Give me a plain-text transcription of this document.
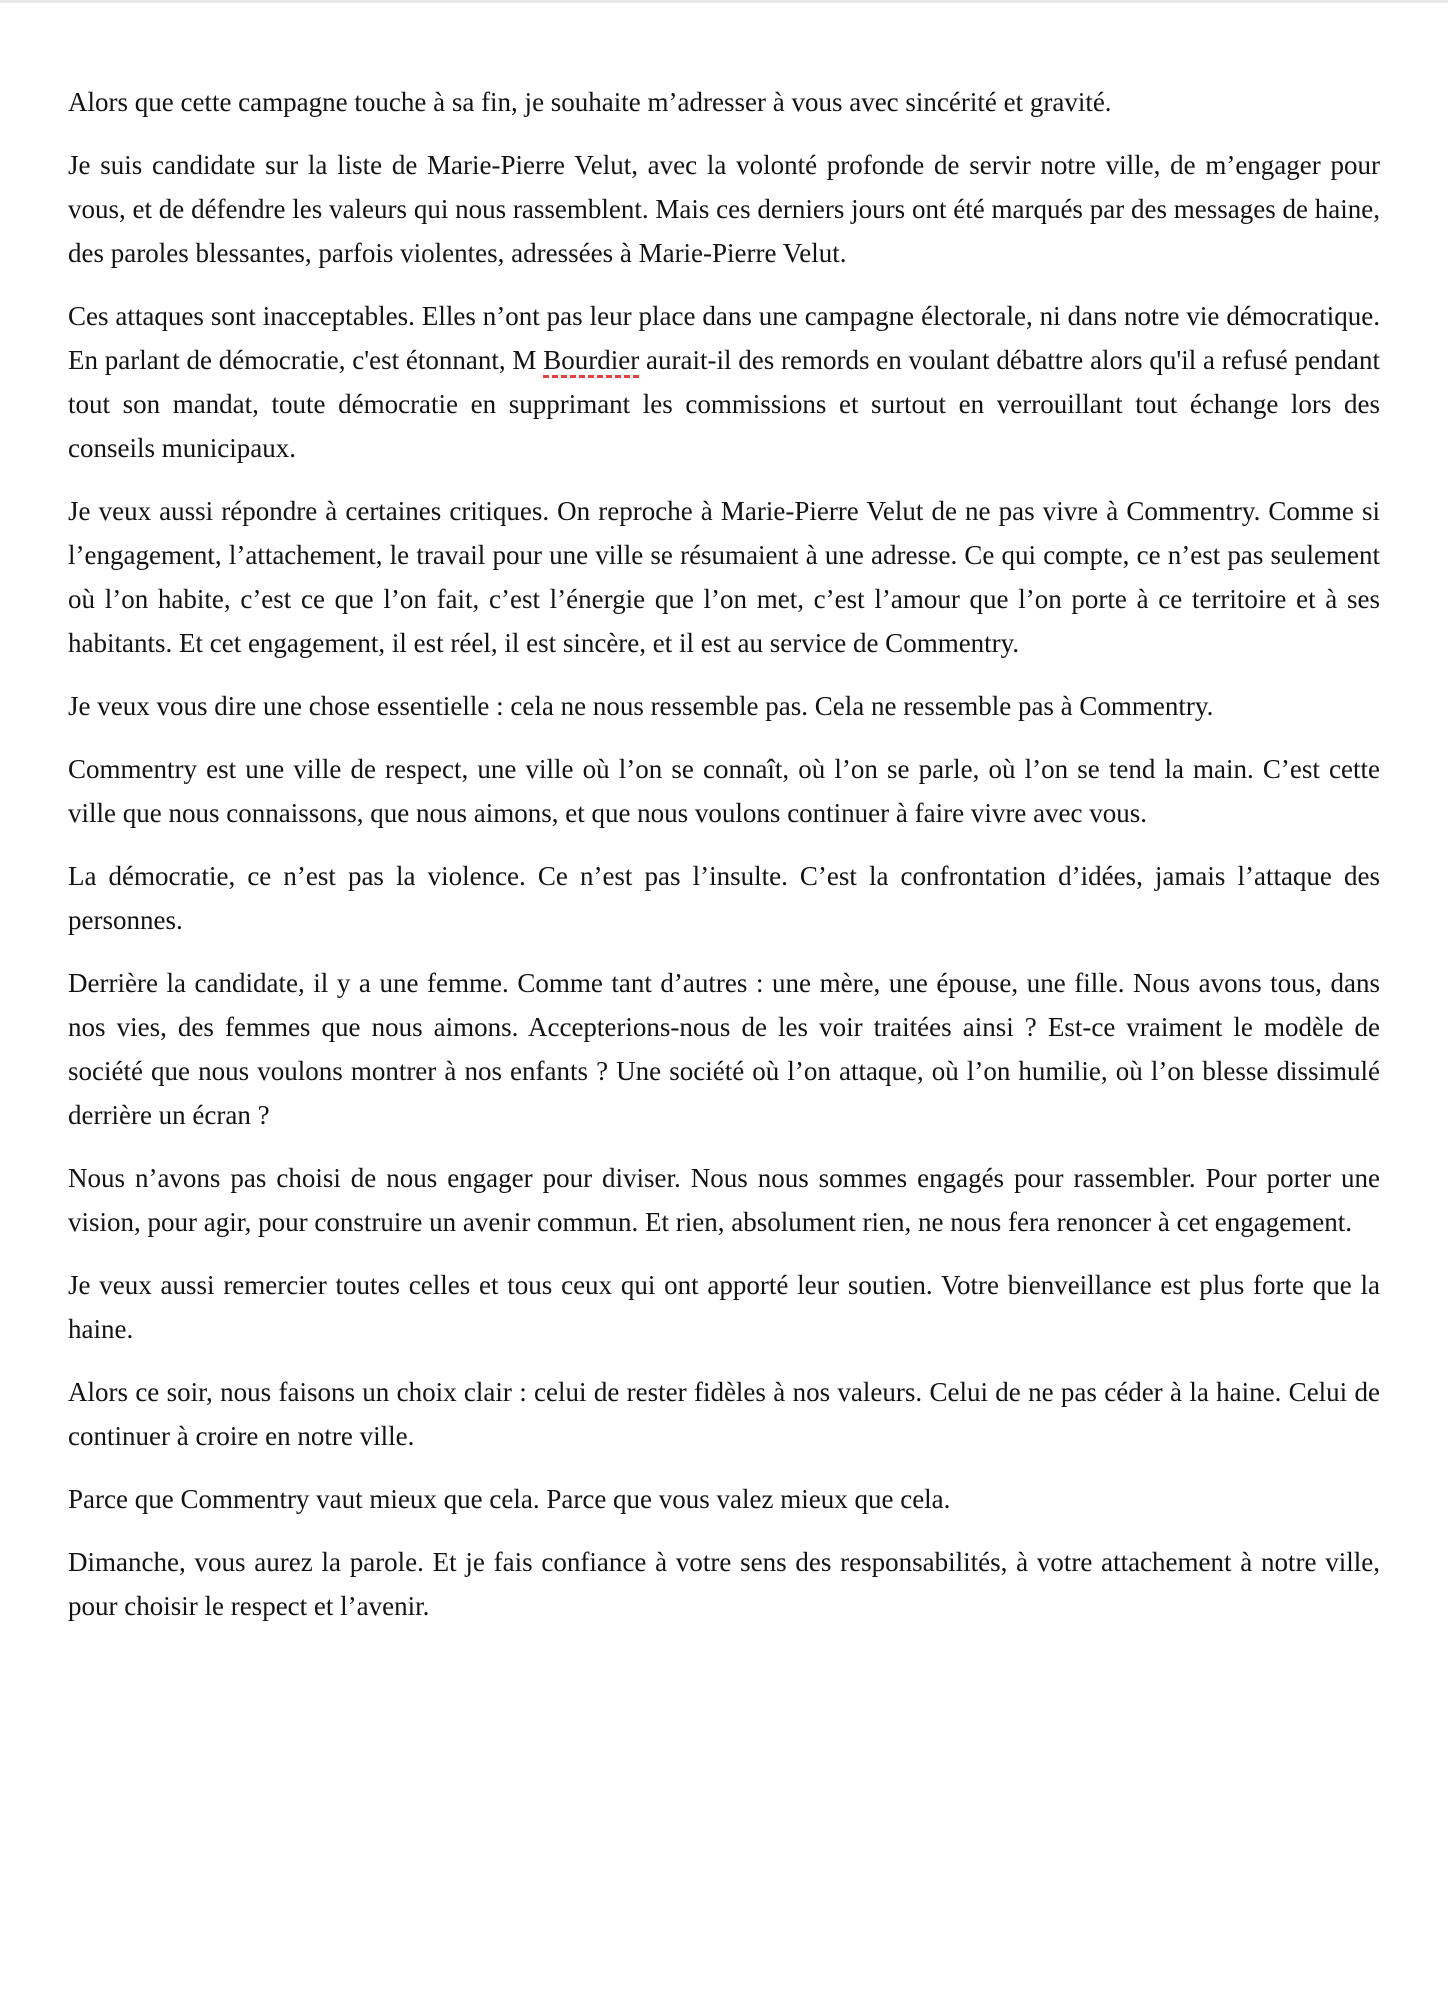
Alors que cette campagne touche à sa fin, je souhaite m’adresser à vous avec sincérité et gravité.

Je suis candidate sur la liste de Marie-Pierre Velut, avec la volonté profonde de servir notre ville, de m’engager pour vous, et de défendre les valeurs qui nous rassemblent. Mais ces derniers jours ont été marqués par des messages de haine, des paroles blessantes, parfois violentes, adressées à Marie-Pierre Velut.

Ces attaques sont inacceptables. Elles n’ont pas leur place dans une campagne électorale, ni dans notre vie démocratique. En parlant de démocratie, c'est étonnant, M Bourdier aurait-il des remords en voulant débattre alors qu'il a refusé pendant tout son mandat, toute démocratie en supprimant les commissions et surtout en verrouillant tout échange lors des conseils municipaux.

Je veux aussi répondre à certaines critiques. On reproche à Marie-Pierre Velut de ne pas vivre à Commentry. Comme si l’engagement, l’attachement, le travail pour une ville se résumaient à une adresse. Ce qui compte, ce n’est pas seulement où l’on habite, c’est ce que l’on fait, c’est l’énergie que l’on met, c’est l’amour que l’on porte à ce territoire et à ses habitants. Et cet engagement, il est réel, il est sincère, et il est au service de Commentry.

Je veux vous dire une chose essentielle : cela ne nous ressemble pas. Cela ne ressemble pas à Commentry.

Commentry est une ville de respect, une ville où l’on se connaît, où l’on se parle, où l’on se tend la main. C’est cette ville que nous connaissons, que nous aimons, et que nous voulons continuer à faire vivre avec vous.

La démocratie, ce n’est pas la violence. Ce n’est pas l’insulte. C’est la confrontation d’idées, jamais l’attaque des personnes.

Derrière la candidate, il y a une femme. Comme tant d’autres : une mère, une épouse, une fille. Nous avons tous, dans nos vies, des femmes que nous aimons. Accepterions-nous de les voir traitées ainsi ? Est-ce vraiment le modèle de société que nous voulons montrer à nos enfants ? Une société où l’on attaque, où l’on humilie, où l’on blesse dissimulé derrière un écran ?

Nous n’avons pas choisi de nous engager pour diviser. Nous nous sommes engagés pour rassembler. Pour porter une vision, pour agir, pour construire un avenir commun. Et rien, absolument rien, ne nous fera renoncer à cet engagement.

Je veux aussi remercier toutes celles et tous ceux qui ont apporté leur soutien. Votre bienveillance est plus forte que la haine.

Alors ce soir, nous faisons un choix clair : celui de rester fidèles à nos valeurs. Celui de ne pas céder à la haine. Celui de continuer à croire en notre ville.

Parce que Commentry vaut mieux que cela. Parce que vous valez mieux que cela.

Dimanche, vous aurez la parole. Et je fais confiance à votre sens des responsabilités, à votre attachement à notre ville, pour choisir le respect et l’avenir.
